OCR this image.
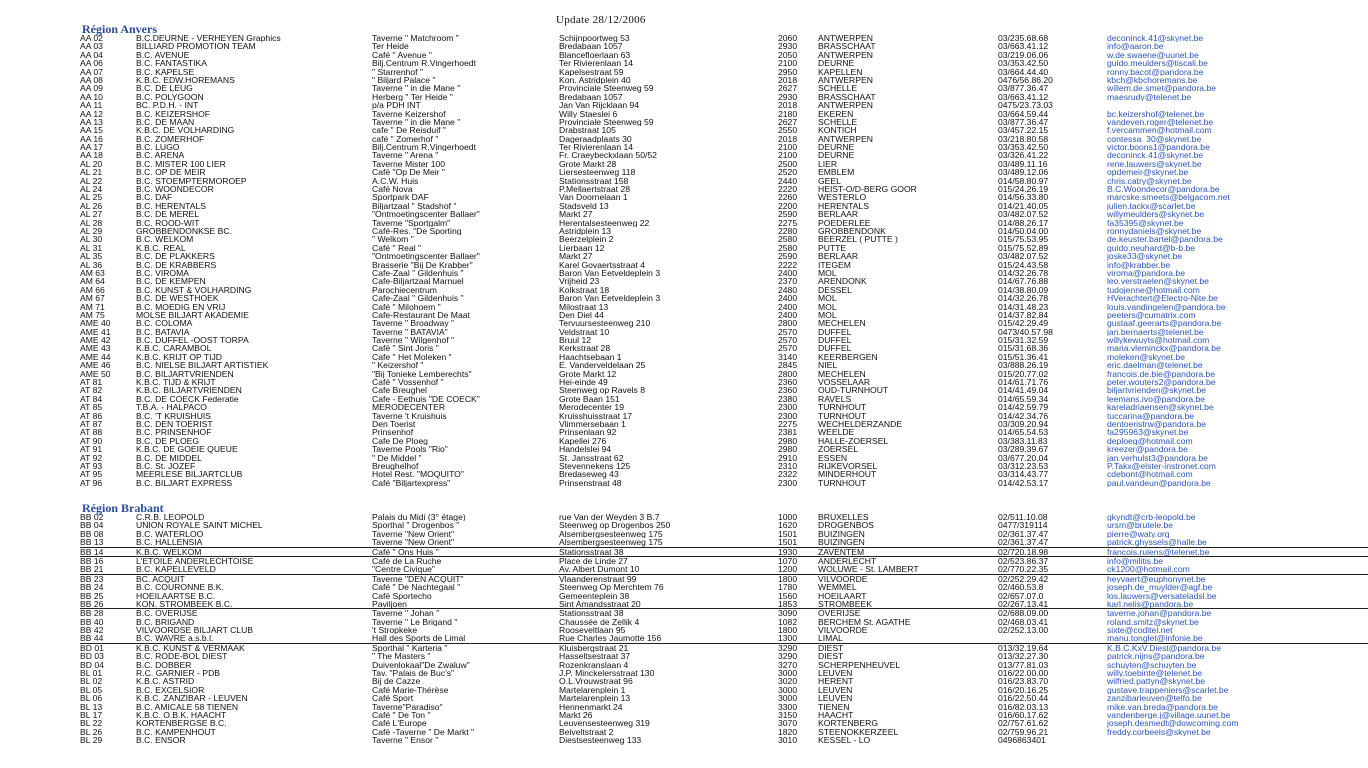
Update 28/12/2006
Région Anvers
AA 02	B.C.DEURNE - VERHEYEN Graphics	Taverne " Matchroom "	Schijnpoortweg 53	2060	ANTWERPEN	03/235.68.68	deconinck.41@skynet.be
AA 03	BILLIARD PROMOTION TEAM	Ter Heide	Bredabaan 1057	2930	BRASSCHAAT	03/663.41.12	info@aaron.be
AA 04	B.C. AVENUE	Café " Avenue "	Blancefloerlaan 63	2050	ANTWERPEN	03/219.06.06	w.de.swaene@uunet.be
AA 06	B.C. FANTASTIKA	Bilj.Centrum R.Vingerhoedt	Ter Rivierenlaan 14	2100	DEURNE	03/353.42.50	guido.meulders@tiscali.be
AA 07	B.C. KAPELSE	" Starrenhof "	Kapelsestraat 59	2950	KAPELLEN	03/664.44.40	ronny.bacot@pandora.be
AA 08	K.B.C. EDW.HOREMANS	" Biljard Palace "	Kon. Astridplein 40	2018	ANTWERPEN	0476/56.86.20	kbch@kbchoremans.be
AA 09	B.C. DE LEUG	Taverne " in die Mane "	Provinciale Steenweg 59	2627	SCHELLE	03/877.36.47	willem.de.smet@pandora.be
AA 10	B.C. POLYGOON	Herberg " Ter Heide "	Bredabaan 1057	2930	BRASSCHAAT	03/663.41.12	maesrudy@telenet.be
AA 11	BC. P.D.H. - INT	p/a PDH INT	Jan Van Rijcklaan 94	2018	ANTWERPEN	0475/23.73.03
AA 12	B.C. KEIZERSHOF	Taverne Keizershof	Willy Staeslei 6	2180	EKEREN	03/664.59.44	bc.keizershof@telenet.be
AA 13	B.C. DE MAAN	Taverne " in die Mane "	Provinciale Steenweg 59	2627	SCHELLE	03/877.36.47	vandeven.roger@telenet.be
AA 15	K.B.C. DE VOLHARDING	cafe " De Reisduif "	Drabstraat 105	2550	KONTICH	03/457.22.15	f.vercammen@hotmail.com
AA 16	B.C. ZOMERHOF	café " Zomerhof "	Dageraadplaats 30	2018	ANTWERPEN	03/218.80.58	contessa_30@skynet.be
AA 17	B.C. LUGO	Bilj.Centrum R.Vingerhoedt	Ter Rivierenlaan 14	2100	DEURNE	03/353.42.50	victor.boons1@pandora.be
AA 18	B.C. ARENA	Taverne " Arena "	Fr. Craeybeckxlaan 50/52	2100	DEURNE	03/326.41.22	deconinck.41@skynet.be
AL 20	B.C. MISTER 100 LIER	Taverne Mister 100	Grote Markt 28	2500	LIER	03/489.11.16	rene.lauwers@skynet.be
AL 21	B.C. OP DE MEIR	Café "Op De Meir "	Liersesteenweg 118	2520	EMBLEM	03/489.12.06	opdemeir@skynet.be
AL 22	B.C. STOEMPTERMOROEP	A.C.W. Huis	Stationsstraat 158	2440	GEEL	014/58.80.97	chris.catry@skynet.be
AL 24	B.C. WOONDECOR	Café Nova	P.Mellaertstraat 28	2220	HEIST-O/D-BERG GOOR	015/24.26.19	B.C.Woondecor@pandora.be
AL 25	B.C. DAF	Sportpark DAF	Van Doornelaan 1	2260	WESTERLO	014/56.33.80	marcske.smeets@belgacom.net
AL 26	B.C. HERENTALS	Biljartzaal " Stadshof "	Stadsveld 13	2200	HERENTALS	014/21.40.05	julien.tackx@scarlet.be
AL 27	B.C. DE MEREL	"Ontmoetingscenter Ballaer"	Markt 27	2590	BERLAAR	03/482.07.52	willymeulders@skynet.be
AL 28	B.C. ROOD-WIT	Taverne "Sportgalm"	Herentalsesteenweg 22	2275	POEDERLEE	014/88.26.17	fa35395@skynet.be
AL 29	GROBBENDONKSE BC.	Café-Res. "De Sporting	Astridplein 13	2280	GROBBENDONK	014/50.04.00	ronnydaniels@skynet.be
AL 30	B.C. WELKOM	" Welkom "	Beerzelplein 2	2580	BEERZEL ( PUTTE )	015/75.53.95	de.keuster.bartel@pandora.be
AL 31	K.B.C. REAL	Café " Real "	Lierbaan 12	2580	PUTTE	015/75.52.89	guido.neuhard@b-b.be
AL 35	B.C. DE PLAKKERS	"Ontmoetingscenter Ballaer"	Markt 27	2590	BERLAAR	03/482.07.52	joske33@skynet.be
AL 36	B.C. DE KRABBERS	Brasserie "Bij De Krabber"	Karel Govaertsstraat 4	2222	ITEGEM	015/24.43.58	info@krabber.be
AM 63	B.C. VIROMA	Cafe-Zaal " Gildenhuis "	Baron Van Eetveldeplein 3	2400	MOL	014/32.26.78	viroma@pandora.be
AM 64	B.C. DE KEMPEN	Cafe-Biljartzaal Marnuel	Vrijheid 23	2370	ARENDONK	014/67.76.88	leo.verstraelen@skynet.be
AM 66	B.C. KUNST & VOLHARDING	Parochiecentrum	Kolkstraat 18	2480	DESSEL	014/38.80.09	tudojenne@hotmail.com
AM 67	B.C. DE WESTHOEK	Cafe-Zaal " Gildenhuis "	Baron Van Eetveldeplein 3	2400	MOL	014/32.26.78	HVerachtert@Electro-Nite.be
AM 71	B.C. MOEDIG EN VRIJ	Café " Milohoem "	Milostraat 13	2400	MOL	014/31.48.23	louis.vandingelen@pandora.be
AM 75	MOLSE BILJART AKADEMIE	Cafe-Restaurant De Maat	Den Diel 44	2400	MOL	014/37.82.84	peeters@cumatrix.com
AME 40	B.C. COLOMA	Taverne " Broadway "	Tervuursesteenweg 210	2800	MECHELEN	015/42.29.49	gustaaf.geerarts@pandora.be
AME 41	B.C. BATAVIA	Taverne " BATAVIA"	Veldstraat 10	2570	DUFFEL	0473/40.57.98	jan.bernaerts@telenet.be
AME 42	B.C. DUFFEL -OOST TORPA	Taverne " Wilgenhof "	Bruul 12	2570	DUFFEL	015/31.32.59	willykewuyts@hotmail.com
AME 43	K.B.C. CARAMBOL	Café " Sint Joris "	Kerkstraat 28	2570	DUFFEL	015/31.68.36	maria.vleminckx@pandora.be
AME 44	K.B.C. KRIJT OP TIJD	Cafe " Het Moleken "	Haachtsebaan 1	3140	KEERBERGEN	015/51.36.41	moleken@skynet.be
AME 46	B.C. NIELSE BILJART ARTISTIEK	" Keizershof "	E. Vanderveldelaan 25	2845	NIEL	03/888.26.19	eric.daelman@telenet.be
AME 50	B.C. BILJARTVRIENDEN	"Bij Tonieke Lemberechts"	Grote Markt 12	2800	MECHELEN	015/20.77.02	francois.de.bie@pandora.be
AT 81	K.B.C. TIJD & KRIJT	Café " Vossenhof "	Hei-einde 49	2360	VOSSELAAR	014/61.71.76	peter.wouters2@pandora.be
AT 82	K.B.C. BILJARTVRIENDEN	Cafe Breughel	Steenweg op Ravels 8	2360	OUD-TURNHOUT	014/41.49.04	biljartvrienden@skynet.be
AT 84	B.C. DE COECK Federatie	Cafe - Eethuis "DE COECK"	Grote Baan 151	2380	RAVELS	014/65.59.34	leemans.ivo@pandora.be
AT 85	T.B.A. - HALPACO	MERODECENTER	Merodecenter 19	2300	TURNHOUT	014/42.59.79	kareladriaensen@skynet.be
AT 86	B.C. 'T KRUISHUIS	Taverne 't Kruishuis	Kruisshuisstraat 17	2300	TURNHOUT	014/42.34.76	tuccarina@pandora.be
AT 87	B.C. DEN TOERIST	Den Toerist	Vlimmersebaan 1	2275	WECHELDERZANDE	03/309.20.94	dentoeristrw@pandora.be
AT 88	B.C. PRINSENHOF	Prinsenhof	Prinsenlaan 92	2381	WEELDE	014/65.54.53	fa295963@skynet.be
AT 90	B.C. DE PLOEG	Cafe De Ploeg	Kapellei 276	2980	HALLE-ZOERSEL	03/383.11.83	deploeg@hotmail.com
AT 91	K.B.C. DE GOEIE QUEUE	Taverne Pools "Rio"	Handelslei 94	2980	ZOERSEL	03/289.39.67	kreezer@pandora.be
AT 92	B.C. DE MIDDEL	" De Middel "	St. Jansstraat 62	2910	ESSEN	03/677.20.04	jan.verhulst3@pandora.be
AT 93	B.C. St. JOZEF	Breughelhof	Stevennekens 125	2310	RIJKEVORSEL	03/312.23.53	P.Takx@elster-instronet.com
AT 95	MEERLESE BILJARTCLUB	Hotel Rest. "MOQUITO"	Bredaseweg 43	2322	MINDERHOUT	03/314.43.77	cdebont@hotmail.com
AT 96	B.C. BILJART EXPRESS	Café "Biljartexpress"	Prinsenstraat 48	2300	TURNHOUT	014/42.53.17	paul.vandeun@pandora.be
Région Brabant
BB 02	C.R.B. LEOPOLD	Palais du Midi (3° étage)	rue Van der Weyden 3 B.7	1000	BRUXELLES	02/511.10.08	gkyndt@crb-leopold.be
BB 04	UNION ROYALE SAINT MICHEL	Sporthal " Drogenbos "	Steenweg op Drogenbos 250	1620	DROGENBOS	0477/319114	ursm@brutele.be
BB 08	B.C. WATERLOO	Taverne "New Orient"	Alsembergsesteenweg 175	1501	BUIZINGEN	02/361.37.47	pierre@waty.org
BB 13	B.C. HALLENSIA	Taverne "New Orient"	Alsembergsesteenweg 175	1501	BUIZINGEN	02/361.37.47	patrick.ghyssels@halle.be
BB 14	K.B.C. WELKOM	Café " Ons Huis "	Stationsstraat 38	1930	ZAVENTEM	02/720.18.98	francois.ruiens@telenet.be
BB 16	L'ETOILE ANDERLECHTOISE	Café de La Ruche	Place de Linde 27	1070	ANDERLECHT	02/523.86.37	info@militis.be
BB 21	B.C. KAPELLEVELD	"Centre Civique"	Av. Albert Dumont 10	1200	WOLUWE - St. LAMBERT	02/770.22.35	ck1200@hotmail.com
BB 23	BC. ACQUIT	Taverne "DEN ACQUIT"	Vlaanderenstraat 99	1800	VILVOORDE	02/252.29.42	heyvaert@euphonynet.be
BB 24	B.C. COURONNE B.K.	Café " De Nachtegaal "	Steenweg Op Merchtem 76	1780	WEMMEL	02/460.53.8	joseph.de_muylder@agf.be
BB 25	HOEILAARTSE B.C.	Café Sportecho	Gemeenteplein 38	1560	HOEILAART	02/657.07.0	los.lauwers@versateladsl.be
BB 26	KON. STROMBEEK B.C.	Paviljoen	Sint Amandsstraat 20	1853	STROMBEEK	02/267.13.41	karl.nelis@pandora.be
BB 28	B.C. OVERIJSE	Taverne " Johan "	Stationsstraat 38	3090	OVERIJSE	02/688.09.00	taverne.johan@pandora.be
BB 40	B.C. BRIGAND	Taverne " Le Brigand "	Chaussée de Zellik 4	1082	BERCHEM St. AGATHE	02/468.03.41	roland.smitz@skynet.be
BB 42	VILVOORDSE BILJART CLUB	't Stropkeke	Rooseveltlaan 95	1800	VILVOORDE	02/252.13.00	sixte@coditel.net
BB 44	B.C. WAVRE a.s.b.l.	Hall des Sports de Limal	Rue Charles Jaumotte 156	1300	LIMAL	manu.tonglet@infonie.be
BD 01	K.B.C. KUNST & VERMAAK	Sporthal " Karteria "	Kluisbergstraat 21	3290	DIEST	013/32.19.64	K.B.C.KxV.Diest@pandora.be
BD 03	B.C. RODE-BOL DIEST	" The Masters "	Hasseltsestraat 37	3290	DIEST	013/32.27.30	patrick.nijns@pandora.be
BD 04	B.C. DOBBER	Duivenlokaal"De Zwaluw"	Rozenkranslaan 4	3270	SCHERPENHEUVEL	013/77.81.03	schuyten@schuyten.be
BL 01	R.C. GARNIER - PDB	Tav. "Palais de Buc's"	J.P. Minckelersstraat 130	3000	LEUVEN	016/22.00.00	willy.toebinte@telenet.be
BL 02	K.B.C. ASTRID	Bij de Cazze	O.L.Vrouwstraat 96	3020	HERENT	016/23.83.70	wilfried.pattyn@skynet.be
BL 05	B.C. EXCELSIOR	Café Marie-Thérèse	Martelarenplein 1	3000	LEUVEN	016/20.16.25	gustave.trappeniers@scarlet.be
BL 06	K.B.C. ZANZIBAR - LEUVEN	Café Sport	Martelarenplein 13	3000	LEUVEN	016/22.50.44	zanzibarleuven@telfo.be
BL 13	B.C. AMICALE 58 TIENEN	Taverne"Paradiso"	Hennenmarkt 24	3300	TIENEN	016/82.03.13	mike.van.breda@pandora.be
BL 17	K.B.C. O.B.K. HAACHT	Café " De Ton "	Markt 26	3150	HAACHT	016/60.17.62	vandenberge.j@village.uunet.be
BL 22	KORTENBERGSE B.C.	Café L'Europe	Leuvensesteenweg 319	3070	KORTENBERG	02/757.61.62	joseph.desmedt@dowcoming.com
BL 26	B.C. KAMPENHOUT	Café -Taverne " De Markt "	Beiveltstraat 2	1820	STEENOKKERZEEL	02/759.96.21	freddy.corbeels@skynet.be
BL 29	B.C. ENSOR	Taverne " Ensor "	Diestsesteenweg 133	3010	KESSEL - LO	0496863401
